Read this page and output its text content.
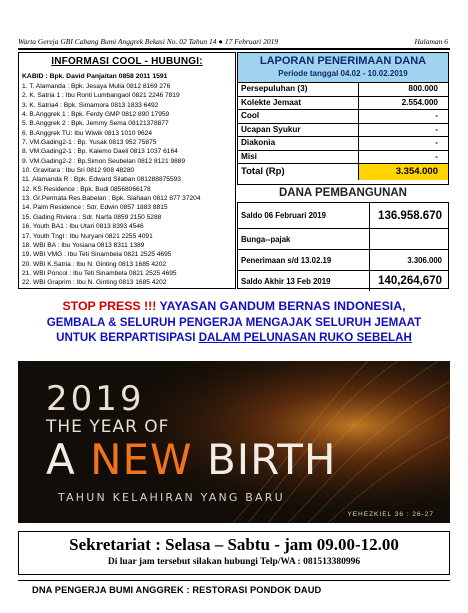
Warta Gereja GBI Cabang Bumi Anggrek Bekasi No. 02 Tahun 14 ● 17 Februari 2019	Halaman 6
INFORMASI COOL - HUBUNGI:
KABID : Bpk. David Panjaitan 0858 2011 1591
1. T. Alamanda : Bpk. Jesaya Mulia 0812 8169 276
2. K. Satria 1 : Ibu Ronti Lumbangaol 0821 2246 7819
3. K. Satria4 : Bpk. Simamora 0813 1833 6492
4. B.Anggrek 1 : Bpk. Ferdy GMP 0812 890 17959
5. B.Anggrek 2 : Bpk. Jemmy Sema 08121378877
6. B.Anggrek TU: Ibu Wiwik 0813 1010 9624
7. VM.Gading2-1 : Bp. Yusak 0813 952 75875
8. VM.Gading2-1 : Bp. Kalemo Daeli 0813 1037 6164
9. VM.Gading2-2 : Bp.Simon Seubelan 0812 8121 9889
10. Gravitara : Ibu Sri 0812 908 48280
11. Alamanda R : Bpk. Edward Silaban 081288875593
12. KS Residence : Bpk. Budi 08568066178
13. Gr.Permata Res.Babelan : Bpk. Siahaan 0812 877 37204
14. Palm Residence : Sdr. Edwin 0857 1883 8815
15. Gading Riviera : Sdr. Narfa 0859 2150 5288
16. Youth BA1 : Ibu Utari 0813 8393 4546
17. Youth Tngl : Ibu Nuryani 0821 2255 4091
18. WBI BA : Ibu Yosiana 0813 8311 1389
19. WBI VMG : Ibu Teti Sinambela 0821 2525 4695
20. WBI K.Satria : Ibu N. Ginting 0813 1685 4202
21. WBI Poncol : Ibu Teti Sinambela 0821 2525 4695
22. WBI Graprim : Ibu N. Ginting 0813 1685 4202
LAPORAN PENERIMAAN DANA
Periode tanggal 04.02 - 10.02.2019
Persepuluhan (3)	800.000
Kolekte Jemaat	2.554.000
Cool	-
Ucapan Syukur	-
Diakonia	-
Misi	-
Total (Rp)	3.354.000
DANA PEMBANGUNAN
Saldo 06 Februari 2019	136.958.670
Bunga--pajak
Penerimaan s/d 13.02.19	3.306.000
Saldo Akhir 13 Feb 2019	140,264,670
STOP PRESS !!! YAYASAN GANDUM BERNAS INDONESIA,
GEMBALA & SELURUH PENGERJA MENGAJAK SELURUH JEMAAT
UNTUK BERPARTISIPASI DALAM PELUNASAN RUKO SEBELAH
2019
THE YEAR OF
A NEW BIRTH
TAHUN KELAHIRAN YANG BARU
YEHEZKIEL 36 : 26-27
Sekretariat : Selasa – Sabtu - jam 09.00-12.00
Di luar jam tersebut silakan hubungi Telp/WA : 081513380996
DNA PENGERJA BUMI ANGGREK : RESTORASI PONDOK DAUD
